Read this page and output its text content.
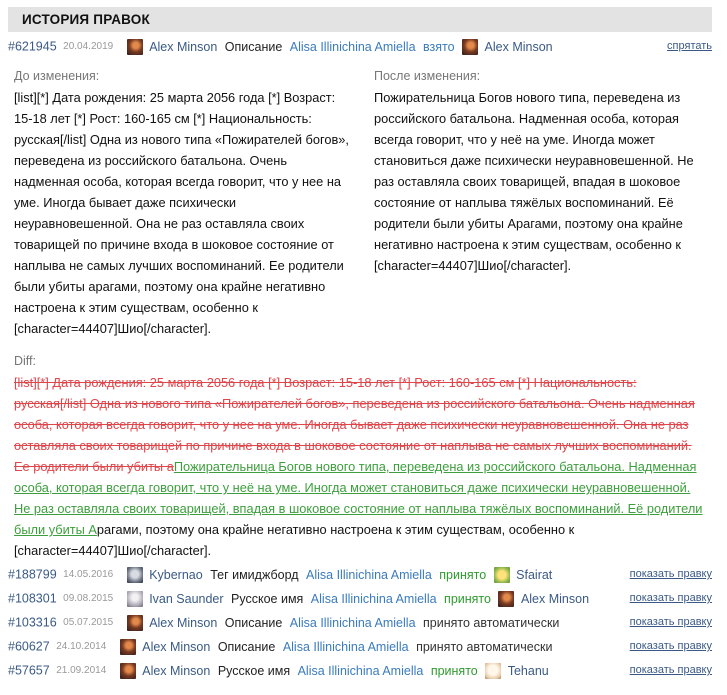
ИСТОРИЯ ПРАВОК
#621945 20.04.2019	Alex Minson Описание Alisa Illinichina Amiella взято Alex Minson	спрятать
До изменения:
[list][*] Дата рождения: 25 марта 2056 года [*] Возраст: 15-18 лет [*] Рост: 160-165 см [*] Национальность: русская[/list] Одна из нового типа «Пожирателей богов», переведена из российского батальона. Очень надменная особа, которая всегда говорит, что у нее на уме. Иногда бывает даже психически неуравновешенной. Она не раз оставляла своих товарищей по причине входа в шоковое состояние от наплыва не самых лучших воспоминаний. Ее родители были убиты арагами, поэтому она крайне негативно настроена к этим существам, особенно к [character=44407]Шио[/character].
После изменения:
Пожирательница Богов нового типа, переведена из российского батальона. Надменная особа, которая всегда говорит, что у неё на уме. Иногда может становиться даже психически неуравновешенной. Не раз оставляла своих товарищей, впадая в шоковое состояние от наплыва тяжёлых воспоминаний. Её родители были убиты Арагами, поэтому она крайне негативно настроена к этим существам, особенно к [character=44407]Шио[/character].
Diff:
[list][*] Дата рождения: 25 марта 2056 года [*] Возраст: 15-18 лет [*] Рост: 160-165 см [*] Национальность: русская[/list] Одна из нового типа «Пожирателей богов», переведена из российского батальона. Очень надменная особа, которая всегда говорит, что у нее на уме. Иногда бывает даже психически неуравновешенной. Она не раз оставляла своих товарищей по причине входа в шоковое состояние от наплыва не самых лучших воспоминаний. Ее родители были убиты аПожирательница Богов нового типа, переведена из российского батальона. Надменная особа, которая всегда говорит, что у неё на уме. Иногда может становиться даже психически неуравновешенной. Не раз оставляла своих товарищей, впадая в шоковое состояние от наплыва тяжёлых воспоминаний. Её родители были убиты Арагами, поэтому она крайне негативно настроена к этим существам, особенно к [character=44407]Шио[/character].
#188799 14.05.2016	Kybernao Тег имиджборд Alisa Illinichina Amiella принято Sfairat	показать правку
#108301 09.08.2015	Ivan Saunder Русское имя Alisa Illinichina Amiella принято Alex Minson	показать правку
#103316 05.07.2015	Alex Minson Описание Alisa Illinichina Amiella принято автоматически	показать правку
#60627 24.10.2014	Alex Minson Описание Alisa Illinichina Amiella принято автоматически	показать правку
#57657 21.09.2014	Alex Minson Русское имя Alisa Illinichina Amiella принято Tehanu	показать правку
